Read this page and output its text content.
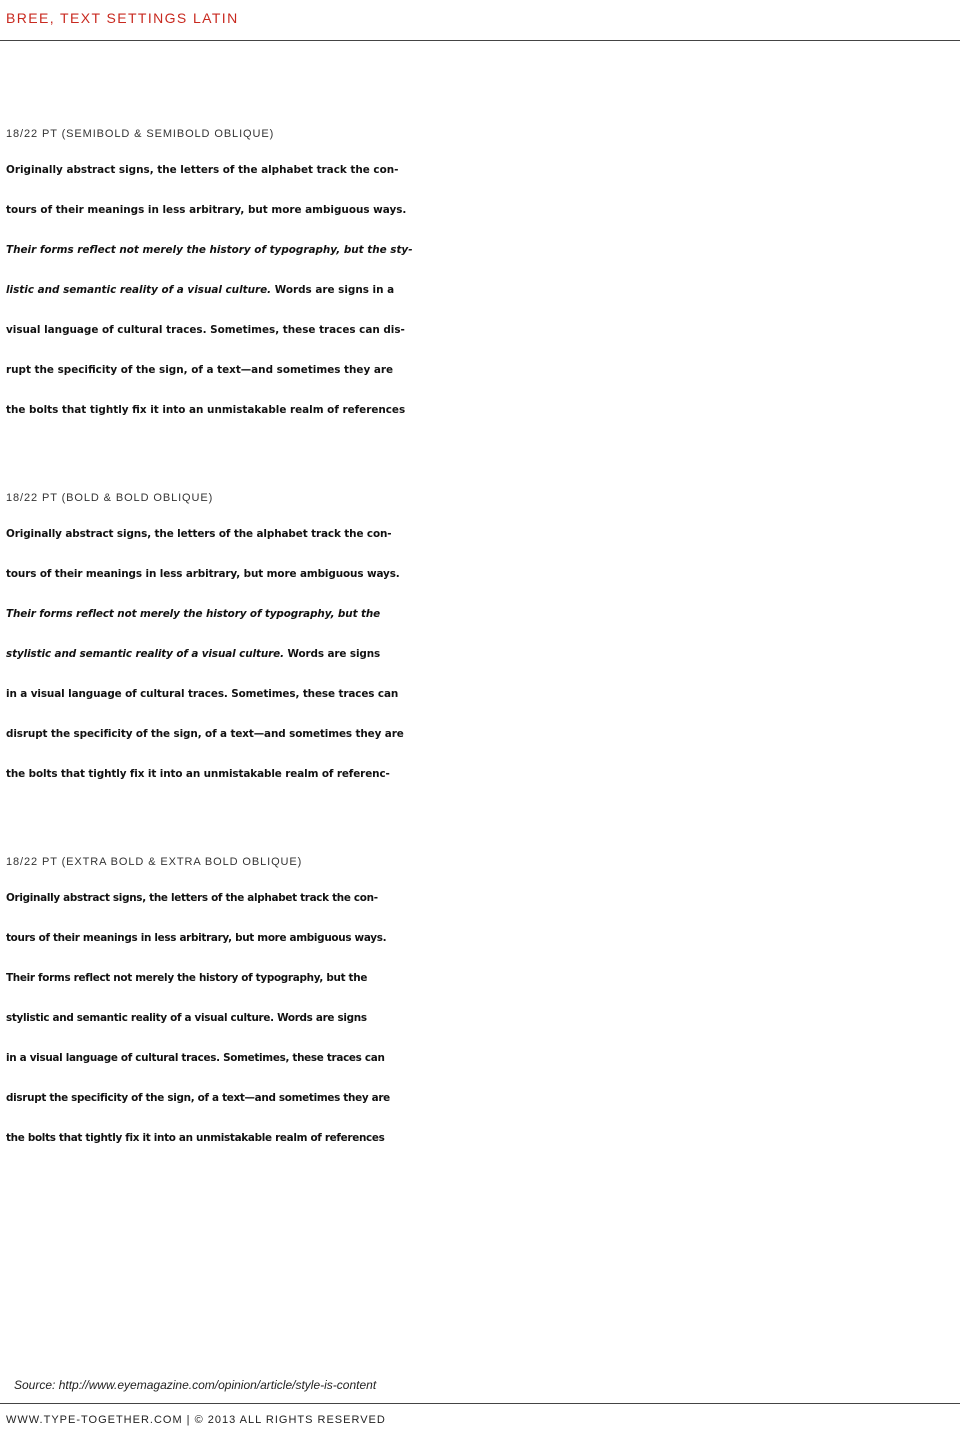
BREE, TEXT SETTINGS LATIN
18/22 PT (SEMIBOLD & SEMIBOLD OBLIQUE)
Originally abstract signs, the letters of the alphabet track the con-
tours of their meanings in less arbitrary, but more ambiguous ways.
Their forms reflect not merely the history of typography, but the sty-
listic and semantic reality of a visual culture. Words are signs in a
visual language of cultural traces. Sometimes, these traces can dis-
rupt the specificity of the sign, of a text—and sometimes they are
the bolts that tightly fix it into an unmistakable realm of references
18/22 PT (BOLD & BOLD OBLIQUE)
Originally abstract signs, the letters of the alphabet track the con-
tours of their meanings in less arbitrary, but more ambiguous ways.
Their forms reflect not merely the history of typography, but the
stylistic and semantic reality of a visual culture. Words are signs
in a visual language of cultural traces. Sometimes, these traces can
disrupt the specificity of the sign, of a text—and sometimes they are
the bolts that tightly fix it into an unmistakable realm of referenc-
18/22 PT (EXTRA BOLD & EXTRA BOLD OBLIQUE)
Originally abstract signs, the letters of the alphabet track the con-
tours of their meanings in less arbitrary, but more ambiguous ways.
Their forms reflect not merely the history of typography, but the
stylistic and semantic reality of a visual culture. Words are signs
in a visual language of cultural traces. Sometimes, these traces can
disrupt the specificity of the sign, of a text—and sometimes they are
the bolts that tightly fix it into an unmistakable realm of references
Source: http://www.eyemagazine.com/opinion/article/style-is-content
WWW.TYPE-TOGETHER.COM | © 2013 ALL RIGHTS RESERVED
